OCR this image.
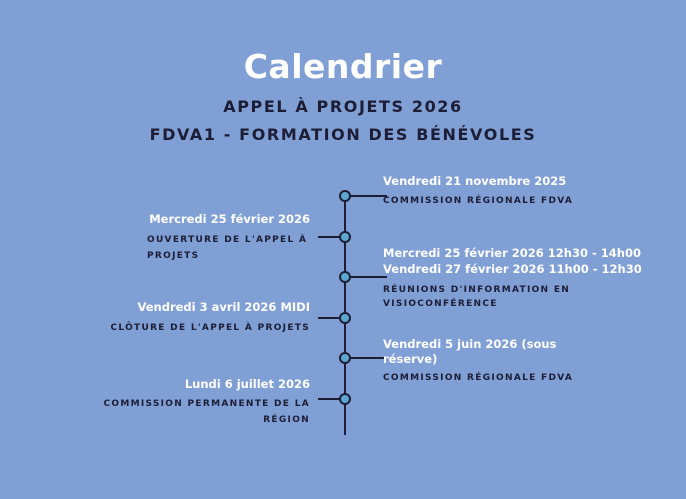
Calendrier
APPEL À PROJETS 2026
FDVA1 - FORMATION DES BÉNÉVOLES
Vendredi 21 novembre 2025
COMMISSION RÉGIONALE FDVA
Mercredi 25 février 2026
OUVERTURE DE L'APPEL À
PROJETS	Mercredi 25 février 2026 12h30 - 14h00
Vendredi 27 février 2026 11h00 - 12h30
RÉUNIONS D'INFORMATION EN
VISIOCONFÉRENCE
Vendredi 3 avril 2026 MIDI
CLÔTURE DE L'APPEL À PROJETS
Vendredi 5 juin 2026 (sous
réserve)
COMMISSION RÉGIONALE FDVA
Lundi 6 juillet 2026
COMMISSION PERMANENTE DE LA
RÉGION
